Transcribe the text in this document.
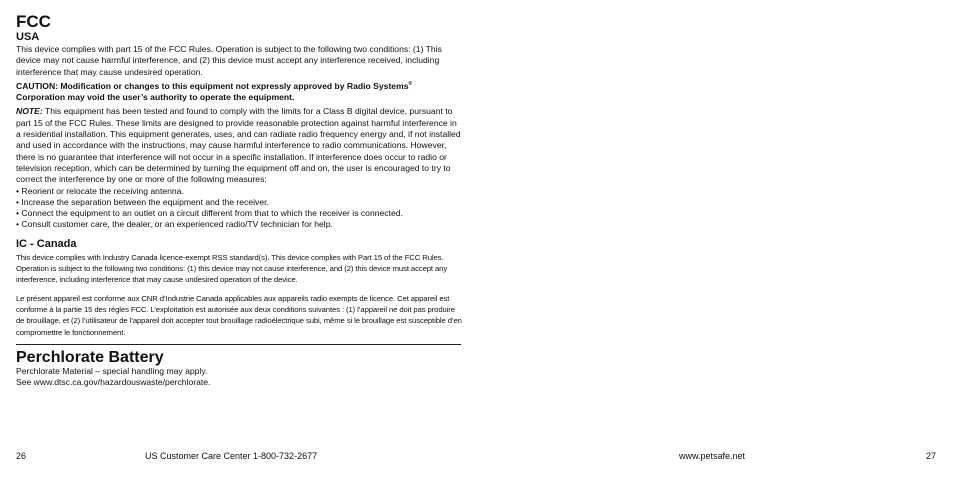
FCC
USA

This device complies with part 15 of the FCC Rules. Operation is subject to the following two conditions: (1) This device may not cause harmful interference, and (2) this device must accept any interference received, including interference that may cause undesired operation.

CAUTION: Modification or changes to this equipment not expressly approved by Radio Systems® Corporation may void the user’s authority to operate the equipment.

NOTE: This equipment has been tested and found to comply with the limits for a Class B digital device, pursuant to part 15 of the FCC Rules. These limits are designed to provide reasonable protection against harmful interference in a residential installation. This equipment generates, uses, and can radiate radio frequency energy and, if not installed and used in accordance with the instructions, may cause harmful interference to radio communications. However, there is no guarantee that interference will not occur in a specific installation. If interference does occur to radio or television reception, which can be determined by turning the equipment off and on, the user is encouraged to try to correct the interference by one or more of the following measures:

• Reorient or relocate the receiving antenna.
• Increase the separation between the equipment and the receiver.
• Connect the equipment to an outlet on a circuit different from that to which the receiver is connected.
• Consult customer care, the dealer, or an experienced radio/TV technician for help.
IC - Canada

This device complies with Industry Canada licence-exempt RSS standard(s). This device complies with Part 15 of the FCC Rules. Operation is subject to the following two conditions: (1) this device may not cause interference, and (2) this device must accept any interference, including interference that may cause undesired operation of the device.

Le présent appareil est conforme aux CNR d’Industrie Canada applicables aux appareils radio exempts de licence. Cet appareil est conforme à la partie 15 des régles FCC. L’exploitation est autorisée aux deux conditions suivantes : (1) l’appareil ne doit pas produire de brouillage, et (2) l’utilisateur de l’appareil doit accepter tout brouillage radioélectrique subi, même si le brouillage est susceptible d’en compromettre le fonctionnement.

Perchlorate Battery

Perchlorate Material – special handling may apply.

See www.dtsc.ca.gov/hazardouswaste/perchlorate.

26	US Customer Care Center 1-800-732-2677	www.petsafe.net	27
